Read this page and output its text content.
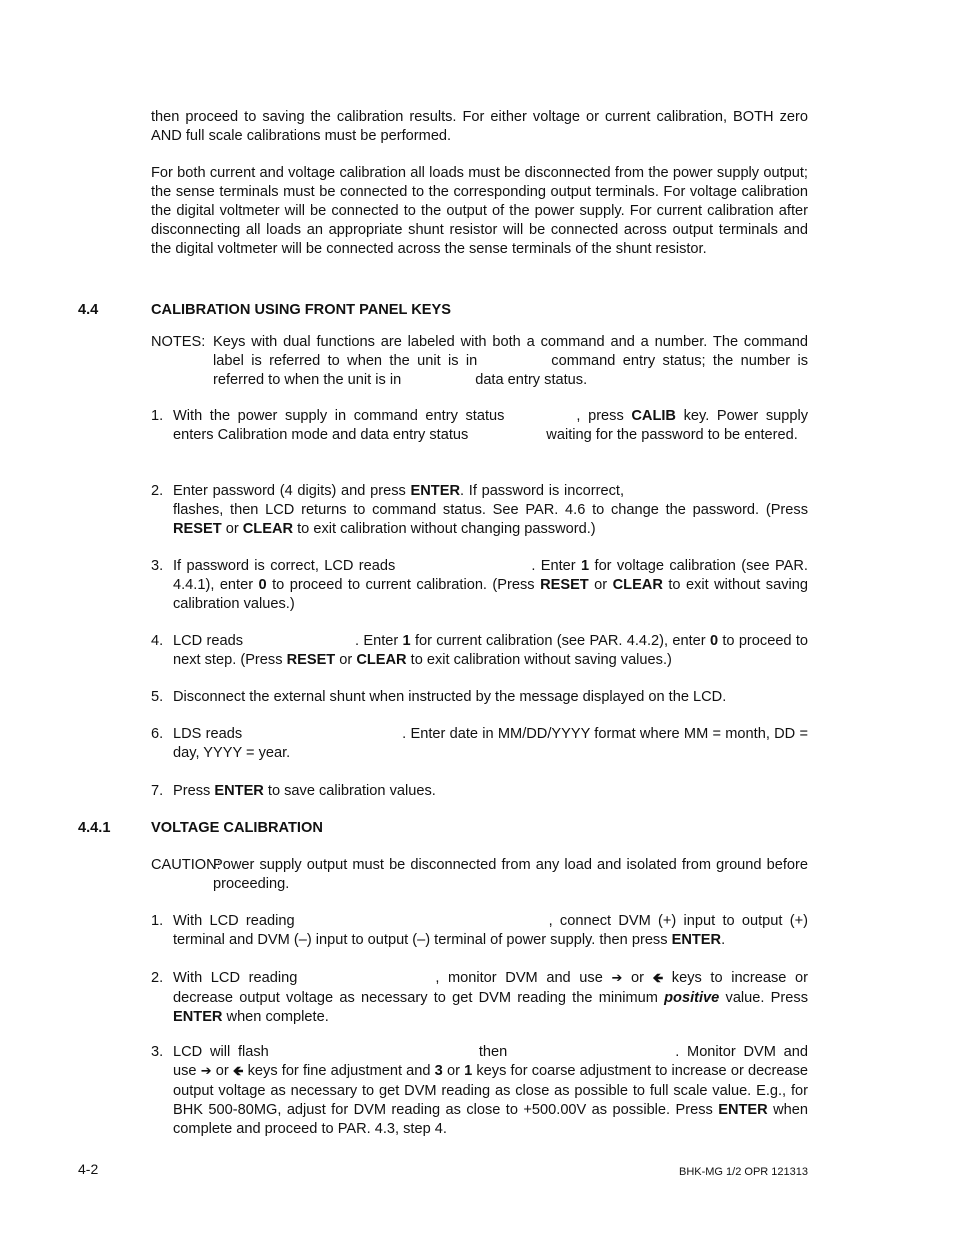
then proceed to saving the calibration results. For either voltage or current calibration, BOTH zero AND full scale calibrations must be performed.

For both current and voltage calibration all loads must be disconnected from the power supply output; the sense terminals must be connected to the corresponding output terminals. For voltage calibration the digital voltmeter will be connected to the output of the power supply. For current calibration after disconnecting all loads an appropriate shunt resistor will be connected across output terminals and the digital voltmeter will be connected across the sense terminals of the shunt resistor.

4.4	CALIBRATION USING FRONT PANEL KEYS
NOTES: Keys with dual functions are labeled with both a command and a number. The command label is referred to when the unit is in	command entry status; the number is referred to when the unit is in	data entry status.
1. With the power supply in command entry status	, press CALIB key. Power supply enters Calibration mode and data entry status	waiting for the password to be entered.
2. Enter password (4 digits) and press ENTER. If password is incorrect,flashes, then LCD returns to command status. See PAR. 4.6 to change the password. (Press RESET or CLEAR to exit calibration without changing password.)
3. If password is correct, LCD reads	. Enter 1 for voltage calibration (see PAR. 4.4.1), enter 0 to proceed to current calibration. (Press RESET or CLEAR to exit without saving calibration values.)
4. LCD reads	. Enter 1 for current calibration (see PAR. 4.4.2), enter 0 to proceed to next step. (Press RESET or CLEAR to exit calibration without saving values.)
5. Disconnect the external shunt when instructed by the message displayed on the LCD.
6. LDS reads	. Enter date in MM/DD/YYYY format where MM = month, DD = day, YYYY = year.
7. Press ENTER to save calibration values.
4.4.1	VOLTAGE CALIBRATION
CAUTION:
Power supply output must be disconnected from any load and isolated from ground before proceeding.
1. With LCD reading	, connect DVM (+) input to output (+) terminal and DVM (–) input to output (–) terminal of power supply. then press ENTER.
2. With LCD reading	, monitor DVM and use ➔ or 🡸 keys to increase or decrease output voltage as necessary to get DVM reading the minimum positive value. Press ENTER when complete.
3. LCD will flash	then	. Monitor DVM and use ➔ or 🡸 keys for fine adjustment and 3 or 1 keys for coarse adjustment to increase or decrease output voltage as necessary to get DVM reading as close as possible to full scale value. E.g., for BHK 500-80MG, adjust for DVM reading as close to +500.00V as possible. Press ENTER when complete and proceed to PAR. 4.3, step 4.
4-2	BHK-MG 1/2 OPR 121313
